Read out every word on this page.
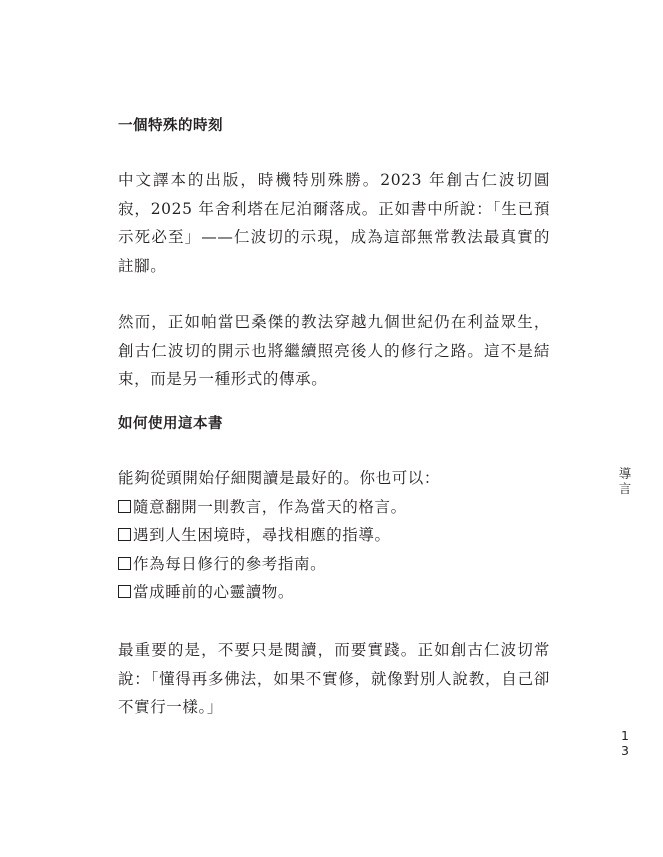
一個特殊的時刻

中文譯本的出版，時機特別殊勝。2023 年創古仁波切圓寂，2025 年舍利塔在尼泊爾落成。正如書中所說：「生已預示死必至」——仁波切的示現，成為這部無常教法最真實的註腳。

然而，正如帕當巴桑傑的教法穿越九個世紀仍在利益眾生，創古仁波切的開示也將繼續照亮後人的修行之路。這不是結束，而是另一種形式的傳承。

如何使用這本書

能夠從頭開始仔細閱讀是最好的。你也可以：

隨意翻開一則教言，作為當天的格言。
遇到人生困境時，尋找相應的指導。
作為每日修行的參考指南。
當成睡前的心靈讀物。

最重要的是，不要只是閱讀，而要實踐。正如創古仁波切常說：「懂得再多佛法，如果不實修，就像對別人說教，自己卻不實行一樣。」

導
言
1
3
